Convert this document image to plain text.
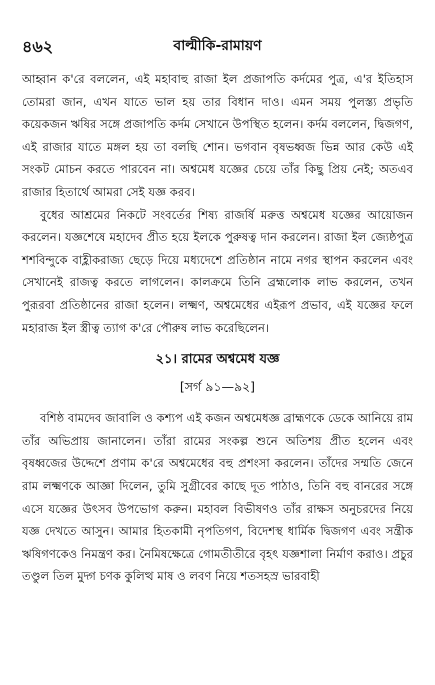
৪৬২	বাল্মীকি-রামায়ণ

আহ্বান ক'রে বললেন, এই মহাবাহু রাজা ইল প্রজাপতি কর্দমের পুত্র, এ'র ইতিহাস তোমরা জান, এখন যাতে ভাল হয় তার বিধান দাও। এমন সময় পুলস্ত্য প্রভৃতি কয়েকজন ঋষির সঙ্গে প্রজাপতি কর্দম সেখানে উপস্থিত হলেন। কর্দম বললেন, দ্বিজগণ, এই রাজার যাতে মঙ্গল হয় তা বলছি শোন। ভগবান বৃষভধ্বজ ভিন্ন আর কেউ এই সংকট মোচন করতে পারবেন না। অশ্বমেধ যজ্ঞের চেয়ে তাঁর কিছু প্রিয় নেই; অতএব রাজার হিতার্থে আমরা সেই যজ্ঞ করব।

বুধের আশ্রমের নিকটে সংবর্তের শিষ্য রাজর্ষি মরুত্ত অশ্বমেধ যজ্ঞের আয়োজন করলেন। যজ্ঞশেষে মহাদেব প্রীত হয়ে ইলকে পুরুষত্ব দান করলেন। রাজা ইল জ্যেষ্ঠপুত্র শশবিন্দুকে বাহ্লীকরাজ্য ছেড়ে দিয়ে মধ্যদেশে প্রতিষ্ঠান নামে নগর স্থাপন করলেন এবং সেখানেই রাজত্ব করতে লাগলেন। কালক্রমে তিনি ব্রহ্মলোক লাভ করলেন, তখন পুরূরবা প্রতিষ্ঠানের রাজা হলেন। লক্ষ্মণ, অশ্বমেধের এইরূপ প্রভাব, এই যজ্ঞের ফলে মহারাজ ইল স্ত্রীত্ব ত্যাগ ক'রে পৌরুষ লাভ করেছিলেন।

২১। রামের অশ্বমেধ যজ্ঞ
[সর্গ ৯১—৯২]

বশিষ্ঠ বামদেব জাবালি ও কশ্যপ এই কজন অশ্বমেধজ্ঞ ব্রাহ্মণকে ডেকে আনিয়ে রাম তাঁর অভিপ্রায় জানালেন। তাঁরা রামের সংকল্প শুনে অতিশয় প্রীত হলেন এবং বৃষধ্বজের উদ্দেশে প্রণাম ক'রে অশ্বমেধের বহু প্রশংসা করলেন। তাঁদের সম্মতি জেনে রাম লক্ষ্মণকে আজ্ঞা দিলেন, তুমি সুগ্রীবের কাছে দূত পাঠাও, তিনি বহু বানরের সঙ্গে এসে যজ্ঞের উৎসব উপভোগ করুন। মহাবল বিভীষণও তাঁর রাক্ষস অনুচরদের নিয়ে যজ্ঞ দেখতে আসুন। আমার হিতকামী নৃপতিগণ, বিদেশস্থ ধার্মিক দ্বিজগণ এবং সন্ত্রীক ঋষিগণকেও নিমন্ত্রণ কর। নৈমিষক্ষেত্রে গোমতীতীরে বৃহৎ যজ্ঞশালা নির্মাণ করাও। প্রচুর তণ্ডুল তিল মুদ্গ চণক কুলিত্থ মাষ ও লবণ নিয়ে শতসহস্র ভারবাহী
